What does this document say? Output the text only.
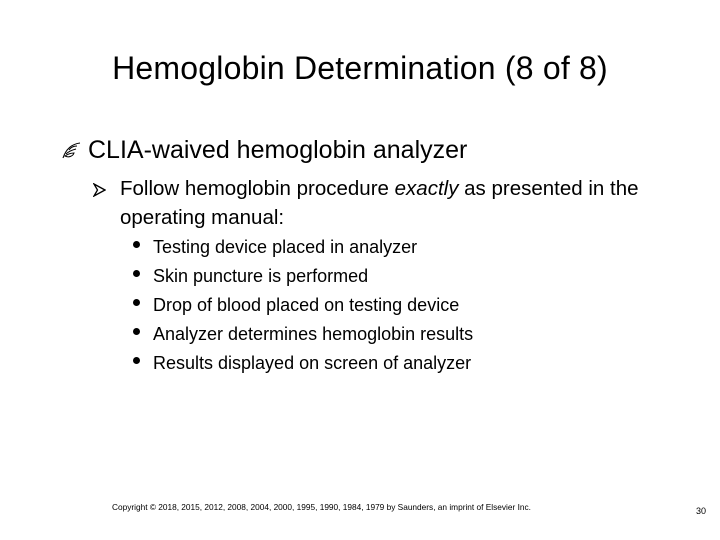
Hemoglobin Determination (8 of 8)
CLIA-waived hemoglobin analyzer
Follow hemoglobin procedure exactly as presented in the operating manual:
Testing device placed in analyzer
Skin puncture is performed
Drop of blood placed on testing device
Analyzer determines hemoglobin results
Results displayed on screen of analyzer
Copyright © 2018, 2015, 2012, 2008, 2004, 2000, 1995, 1990, 1984, 1979 by Saunders, an imprint of Elsevier Inc.	30
